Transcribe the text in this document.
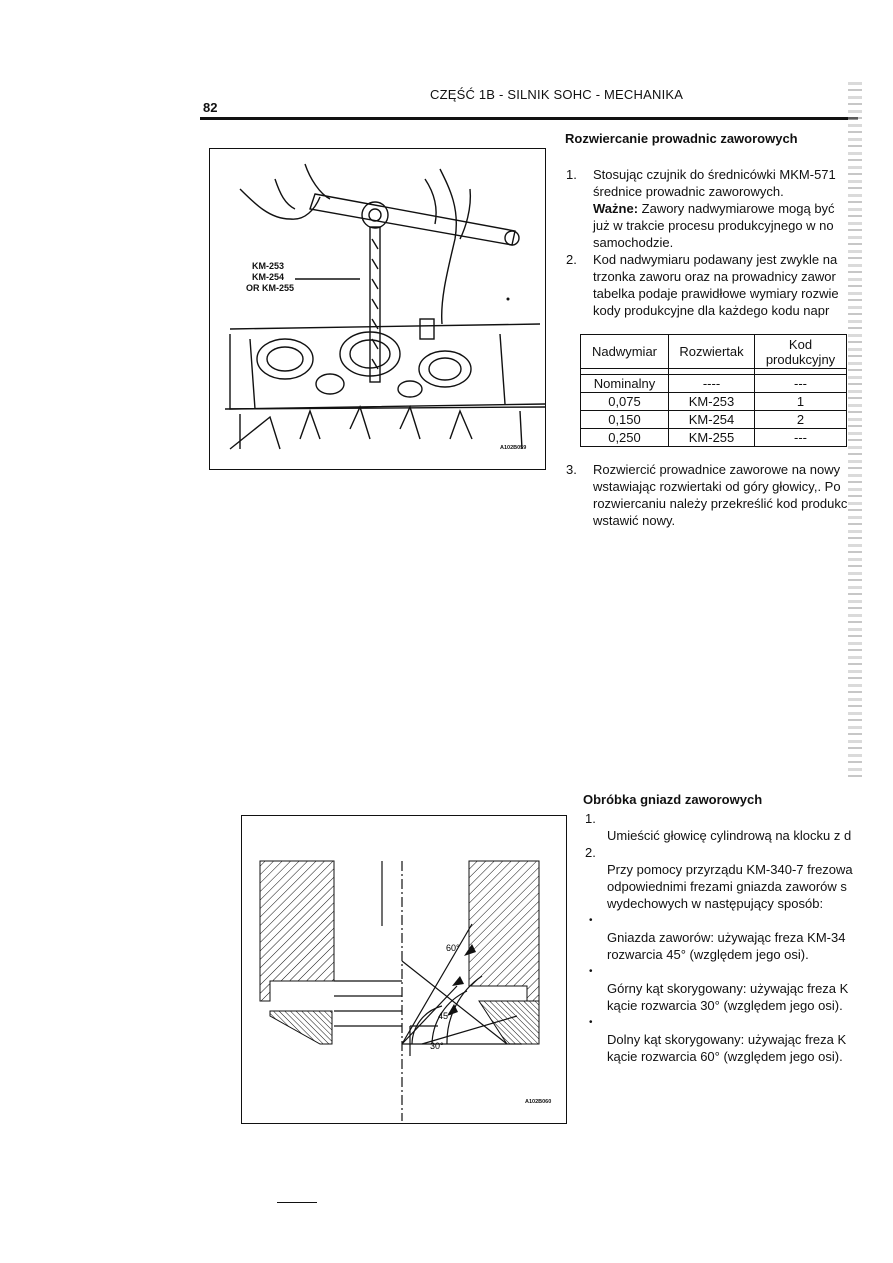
82
CZĘŚĆ 1B - SILNIK SOHC - MECHANIKA
KM-253
KM-254
OR KM-255
A102B059
Rozwiercanie prowadnic zaworowych
1. Stosując czujnik do średnicówki MKM-571
średnice prowadnic zaworowych.
Ważne: Zawory nadwymiarowe mogą być
już w trakcie procesu produkcyjnego w no
samochodzie.
2. Kod nadwymiaru podawany jest zwykle na
trzonka zaworu oraz na prowadnicy zawor
tabelka podaje prawidłowe wymiary rozwie
kody produkcyjne dla każdego kodu napr
Nadwymiar	Rozwiertak	Kod produkcyjny

Nominalny	----	---
0,075	KM-253	1
0,150	KM-254	2
0,250	KM-255	---
3. Rozwiercić prowadnice zaworowe na nowy
wstawiając rozwiertaki od góry głowicy,. Po
rozwiercaniu należy przekreślić kod produkc
wstawić nowy.
60°
45°
30°
A102B060
Obróbka gniazd zaworowych

1.
Umieścić głowicę cylindrową na klocku z d

2.
Przy pomocy przyrządu KM-340-7 frezowa
odpowiednimi frezami gniazda zaworów s
wydechowych w następujący sposób:

•
Gniazda zaworów: używając freza KM-34
rozwarcia 45° (względem jego osi).

•
Górny kąt skorygowany: używając freza K
kącie rozwarcia 30° (względem jego osi).

•
Dolny kąt skorygowany: używając freza K
kącie rozwarcia 60° (względem jego osi).
